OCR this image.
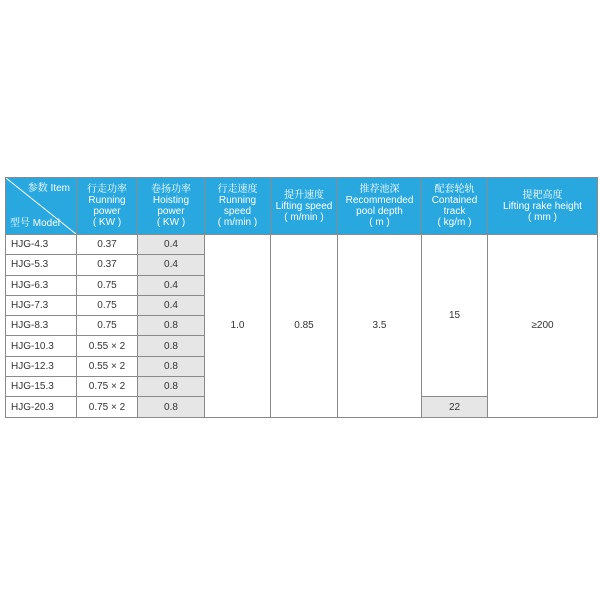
参数 Item
型号 Model	行走功率
Running
power
( KW )	卷扬功率
Hoisting
power
( KW )	行走速度
Running
speed
( m/min )	提升速度
Lifting speed
( m/min )	推荐池深
Recommended
pool depth
( m )	配套轮轨
Contained
track
( kg/m )	提耙高度
Lifting rake height
( mm )

HJG-4.3	0.37	0.4	1.0	0.85	3.5	15	≥200
HJG-5.3	0.37	0.4					
HJG-6.3	0.75	0.4					
HJG-7.3	0.75	0.4					
HJG-8.3	0.75	0.8					
HJG-10.3	0.55 × 2	0.8					
HJG-12.3	0.55 × 2	0.8					
HJG-15.3	0.75 × 2	0.8					
HJG-20.3	0.75 × 2	0.8				22	
